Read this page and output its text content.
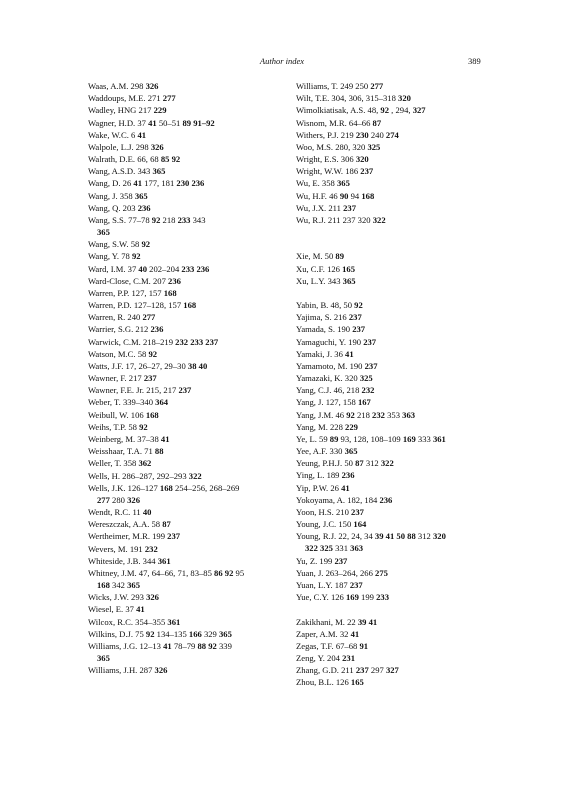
Author index	389
Waas, A.M. 298 326
Waddoups, M.E. 271 277
Wadley, HNG 217 229
Wagner, H.D. 37 41 50–51 89 91–92
Wake, W.C. 6 41
Walpole, L.J. 298 326
Walrath, D.E. 66, 68 85 92
Wang, A.S.D. 343 365
Wang, D. 26 41 177, 181 230 236
Wang, J. 358 365
Wang, Q. 203 236
Wang, S.S. 77–78 92 218 233 343
365
Wang, S.W. 58 92
Wang, Y. 78 92
Ward, I.M. 37 40 202–204 233 236
Ward-Close, C.M. 207 236
Warren, P.P. 127, 157 168
Warren, P.D. 127–128, 157 168
Warren, R. 240 277
Warrier, S.G. 212 236
Warwick, C.M. 218–219 232 233 237
Watson, M.C. 58 92
Watts, J.F. 17, 26–27, 29–30 38 40
Wawner, F. 217 237
Wawner, F.E. Jr. 215, 217 237
Weber, T. 339–340 364
Weibull, W. 106 168
Weihs, T.P. 58 92
Weinberg, M. 37–38 41
Weisshaar, T.A. 71 88
Weller, T. 358 362
Wells, H. 286–287, 292–293 322
Wells, J.K. 126–127 168 254–256, 268–269
277 280 326
Wendt, R.C. 11 40
Wereszczak, A.A. 58 87
Wertheimer, M.R. 199 237
Wevers, M. 191 232
Whiteside, J.B. 344 361
Whitney, J.M. 47, 64–66, 71, 83–85 86 92 95
168 342 365
Wicks, J.W. 293 326
Wiesel, E. 37 41
Wilcox, R.C. 354–355 361
Wilkins, D.J. 75 92 134–135 166 329 365
Williams, J.G. 12–13 41 78–79 88 92 339
365
Williams, J.H. 287 326
Williams, T. 249 250 277
Wilt, T.E. 304, 306, 315–318 320
Wimolkiatisak, A.S. 48, 92 , 294, 327
Wisnom, M.R. 64–66 87
Withers, P.J. 219 230 240 274
Woo, M.S. 280, 320 325
Wright, E.S. 306 320
Wright, W.W. 186 237
Wu, E. 358 365
Wu, H.F. 46 90 94 168
Wu, J.X. 211 237
Wu, R.J. 211 237 320 322
Xie, M. 50 89
Xu, C.F. 126 165
Xu, L.Y. 343 365
Yabin, B. 48, 50 92
Yajima, S. 216 237
Yamada, S. 190 237
Yamaguchi, Y. 190 237
Yamaki, J. 36 41
Yamamoto, M. 190 237
Yamazaki, K. 320 325
Yang, C.J. 46, 218 232
Yang, J. 127, 158 167
Yang, J.M. 46 92 218 232 353 363
Yang, M. 228 229
Ye, L. 59 89 93, 128, 108–109 169 333 361
Yee, A.F. 330 365
Yeung, P.H.J. 50 87 312 322
Ying, L. 189 236
Yip, P.W. 26 41
Yokoyama, A. 182, 184 236
Yoon, H.S. 210 237
Young, J.C. 150 164
Young, R.J. 22, 24, 34 39 41 50 88 312 320
322 325 331 363
Yu, Z. 199 237
Yuan, J. 263–264, 266 275
Yuan, L.Y. 187 237
Yue, C.Y. 126 169 199 233
Zakikhani, M. 22 39 41
Zaper, A.M. 32 41
Zegas, T.F. 67–68 91
Zeng, Y. 204 231
Zhang, G.D. 211 237 297 327
Zhou, B.L. 126 165
